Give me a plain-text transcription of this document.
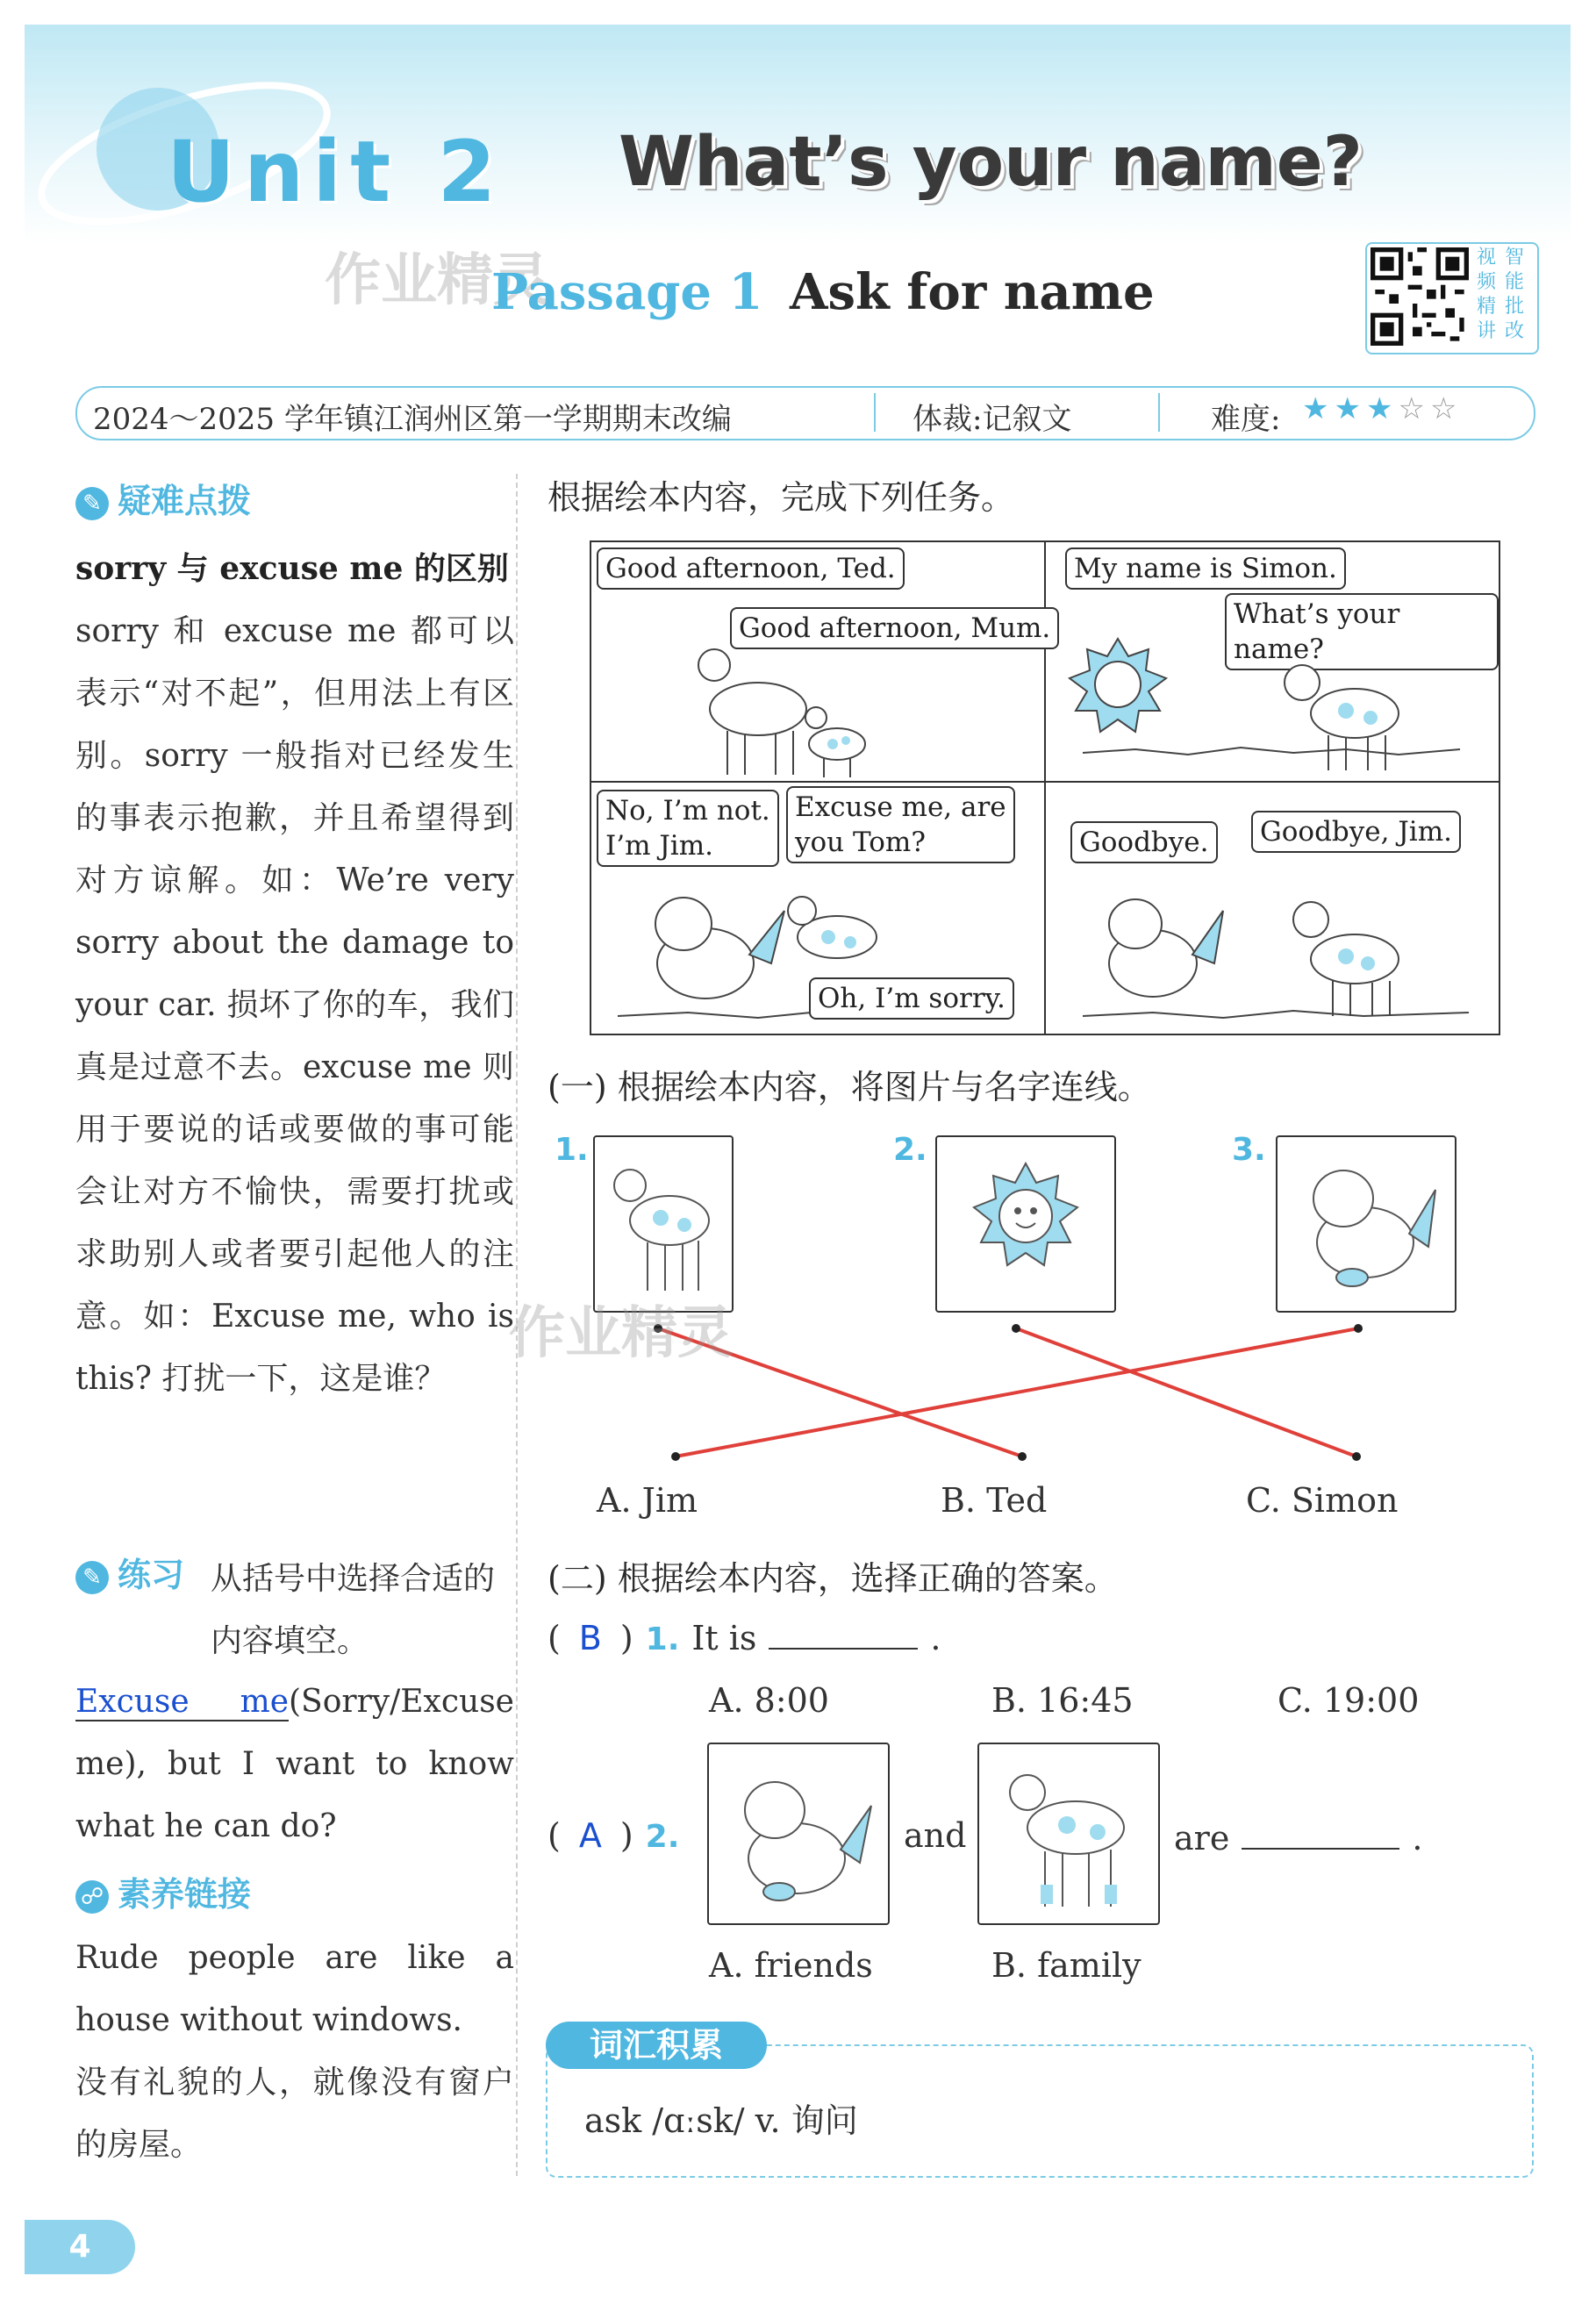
Unit 2 What’s your name?
作业精灵
Passage 1 Ask for name
视
频
精
讲
智
能
批
改
2024～2025 学年镇江润州区第一学期期末改编	体裁:记叙文	难度: ★ ★ ★ ☆ ☆
✎ 疑难点拨
sorry 与 excuse me 的区别
sorry 和 excuse me 都可以表示“对不起”，但用法上有区别。sorry 一般指对已经发生的事表示抱歉，并且希望得到对方谅解。如：We’re very sorry about the damage to your car. 损坏了你的车，我们真是过意不去。excuse me 则用于要说的话或要做的事可能会让对方不愉快，需要打扰或求助别人或者要引起他人的注意。如：Excuse me, who is this? 打扰一下，这是谁？
✎ 练习 从括号中选择合适的内容填空。
Excuse me(Sorry/Excuse me), but I want to know what he can do?
☍ 素养链接
Rude people are like a house without windows.
没有礼貌的人，就像没有窗户的房屋。
根据绘本内容，完成下列任务。
Good afternoon, Ted.
Good afternoon, Mum.
My name is Simon.
What’s your name?
No, I’m not.
I’m Jim.
Excuse me, are
you Tom?
Oh, I’m sorry.
Goodbye.	Goodbye, Jim.
(一) 根据绘本内容，将图片与名字连线。
1.	2.	3.
A. Jim	B. Ted	C. Simon
(二) 根据绘本内容，选择正确的答案。
( B ) 1. It is	.
A. 8:00	B. 16:45	C. 19:00
( A ) 2.	and	are	.
A. friends	B. family
词汇积累
ask /ɑːsk/ v. 询问
作业精灵
4
